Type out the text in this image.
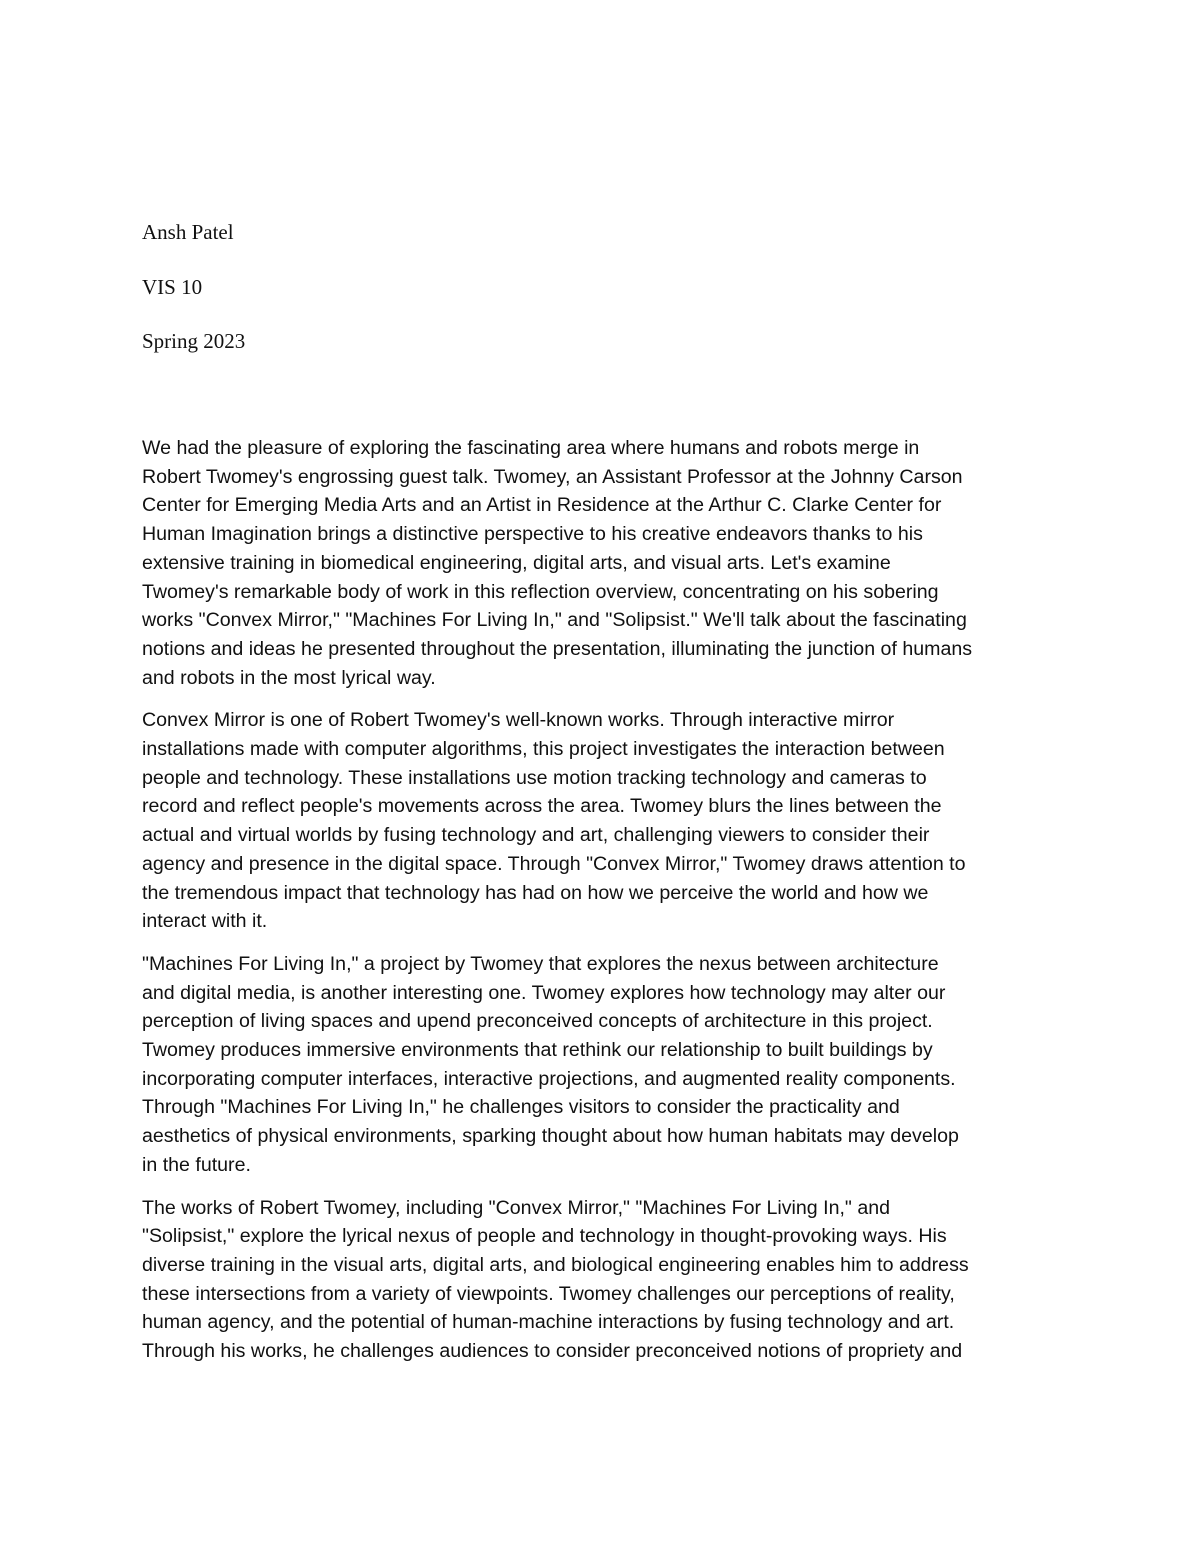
Ansh Patel
VIS 10
Spring 2023

We had the pleasure of exploring the fascinating area where humans and robots merge in
Robert Twomey's engrossing guest talk. Twomey, an Assistant Professor at the Johnny Carson
Center for Emerging Media Arts and an Artist in Residence at the Arthur C. Clarke Center for
Human Imagination brings a distinctive perspective to his creative endeavors thanks to his
extensive training in biomedical engineering, digital arts, and visual arts. Let's examine
Twomey's remarkable body of work in this reflection overview, concentrating on his sobering
works "Convex Mirror," "Machines For Living In," and "Solipsist." We'll talk about the fascinating
notions and ideas he presented throughout the presentation, illuminating the junction of humans
and robots in the most lyrical way.

Convex Mirror is one of Robert Twomey's well-known works. Through interactive mirror
installations made with computer algorithms, this project investigates the interaction between
people and technology. These installations use motion tracking technology and cameras to
record and reflect people's movements across the area. Twomey blurs the lines between the
actual and virtual worlds by fusing technology and art, challenging viewers to consider their
agency and presence in the digital space. Through "Convex Mirror," Twomey draws attention to
the tremendous impact that technology has had on how we perceive the world and how we
interact with it.

"Machines For Living In," a project by Twomey that explores the nexus between architecture
and digital media, is another interesting one. Twomey explores how technology may alter our
perception of living spaces and upend preconceived concepts of architecture in this project.
Twomey produces immersive environments that rethink our relationship to built buildings by
incorporating computer interfaces, interactive projections, and augmented reality components.
Through "Machines For Living In," he challenges visitors to consider the practicality and
aesthetics of physical environments, sparking thought about how human habitats may develop
in the future.

The works of Robert Twomey, including "Convex Mirror," "Machines For Living In," and
"Solipsist," explore the lyrical nexus of people and technology in thought-provoking ways. His
diverse training in the visual arts, digital arts, and biological engineering enables him to address
these intersections from a variety of viewpoints. Twomey challenges our perceptions of reality,
human agency, and the potential of human-machine interactions by fusing technology and art.
Through his works, he challenges audiences to consider preconceived notions of propriety and
